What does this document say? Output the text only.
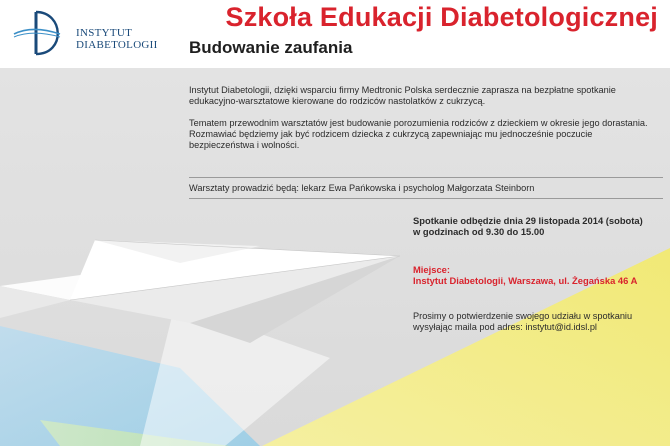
INSTYTUT
DIABETOLOGII
Szkoła Edukacji Diabetologicznej
Budowanie zaufania
Instytut Diabetologii, dzięki wsparciu firmy Medtronic Polska serdecznie zaprasza na bezpłatne spotkanie edukacyjno-warsztatowe kierowane do rodziców nastolatków z cukrzycą.
Tematem przewodnim warsztatów jest budowanie porozumienia rodziców z dzieckiem w okresie jego dorastania. Rozmawiać będziemy jak być rodzicem dziecka z cukrzycą zapewniając mu jednocześnie poczucie bezpieczeństwa i wolności.
Warsztaty prowadzić będą: lekarz Ewa Pańkowska i psycholog Małgorzata Steinborn
Spotkanie odbędzie dnia 29 listopada 2014 (sobota)
w godzinach od 9.30 do 15.00
Miejsce:
Instytut Diabetologii, Warszawa, ul. Żegańska 46 A
Prosimy o potwierdzenie swojego udziału w spotkaniu wysyłając maila pod adres: instytut@id.idsl.pl
